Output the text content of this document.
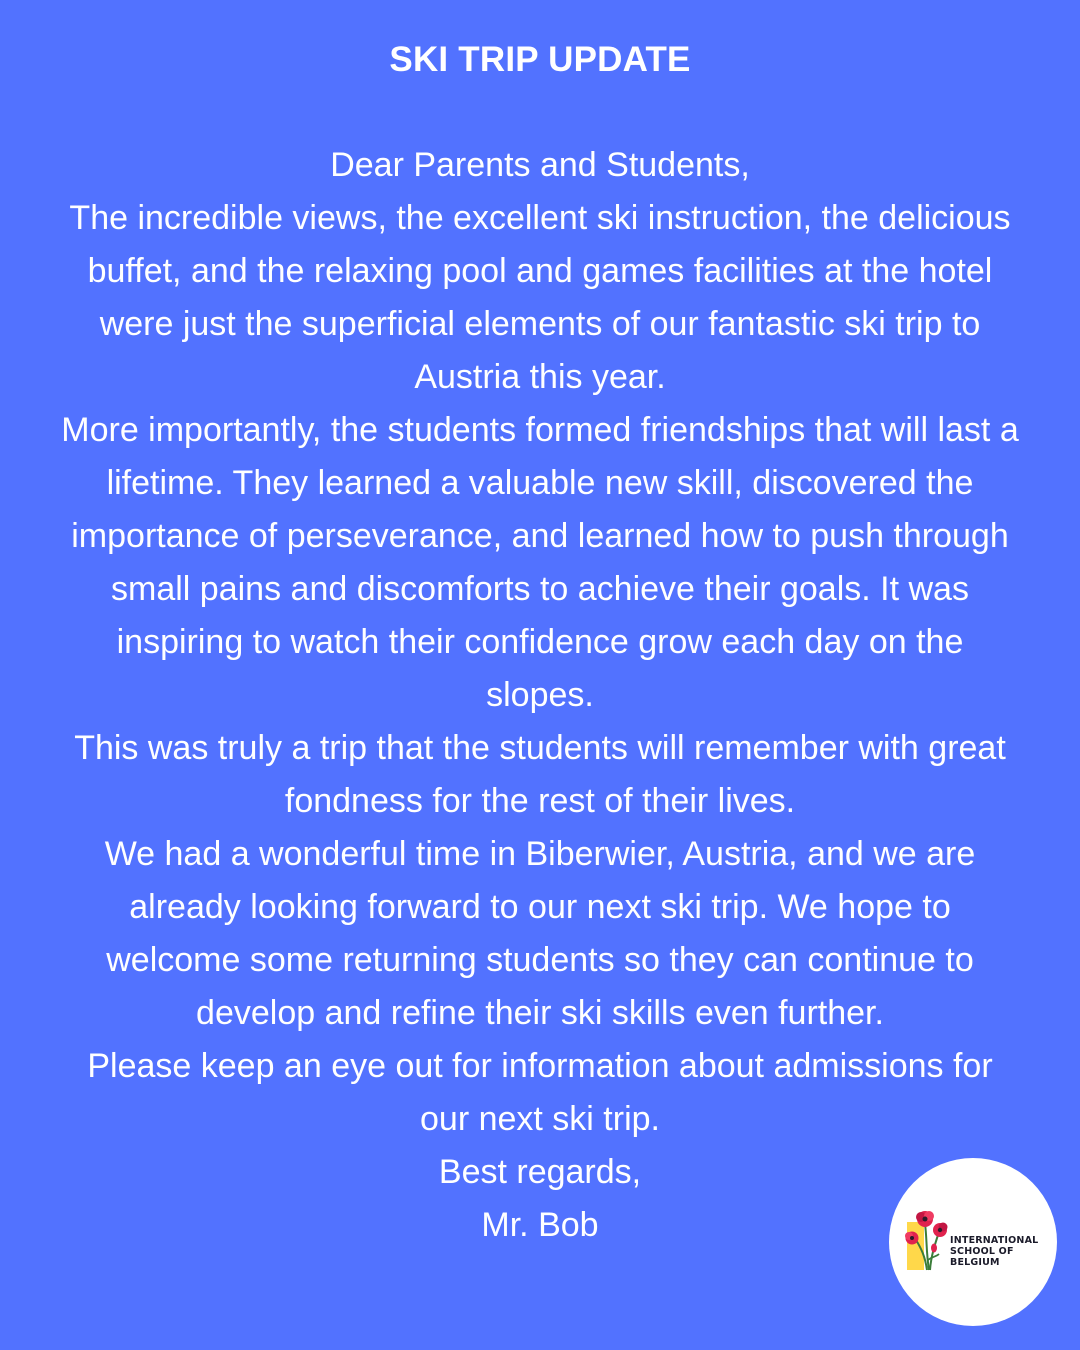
SKI TRIP UPDATE

Dear Parents and Students,

The incredible views, the excellent ski instruction, the delicious buffet, and the relaxing pool and games facilities at the hotel were just the superficial elements of our fantastic ski trip to Austria this year.

More importantly, the students formed friendships that will last a lifetime. They learned a valuable new skill, discovered the importance of perseverance, and learned how to push through small pains and discomforts to achieve their goals. It was inspiring to watch their confidence grow each day on the slopes.

This was truly a trip that the students will remember with great fondness for the rest of their lives.

We had a wonderful time in Biberwier, Austria, and we are already looking forward to our next ski trip. We hope to welcome some returning students so they can continue to develop and refine their ski skills even further.

Please keep an eye out for information about admissions for our next ski trip.

Best regards,

Mr. Bob	INTERNATIONAL
SCHOOL OF
BELGIUM
